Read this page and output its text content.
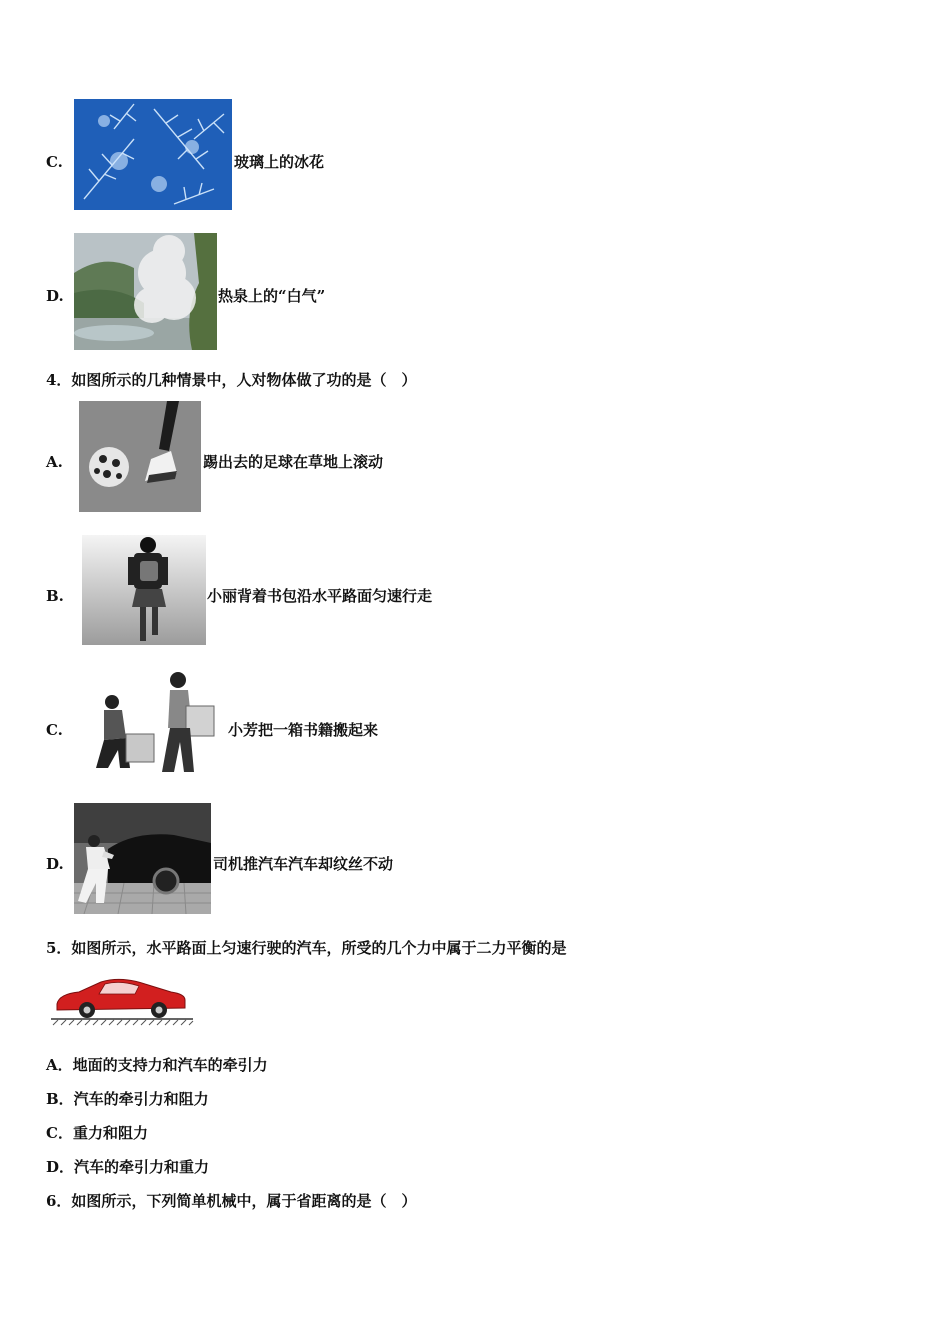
C.	玻璃上的冰花
D.	热泉上的“白气”
4．如图所示的几种情景中，人对物体做了功的是（　）
A.	踢出去的足球在草地上滚动
B.	小丽背着书包沿水平路面匀速行走
C.	小芳把一箱书籍搬起来
D.	司机推汽车汽车却纹丝不动
5．如图所示，水平路面上匀速行驶的汽车，所受的几个力中属于二力平衡的是
A．地面的支持力和汽车的牵引力
B．汽车的牵引力和阻力
C．重力和阻力
D．汽车的牵引力和重力
6．如图所示，下列简单机械中，属于省距离的是（　）
